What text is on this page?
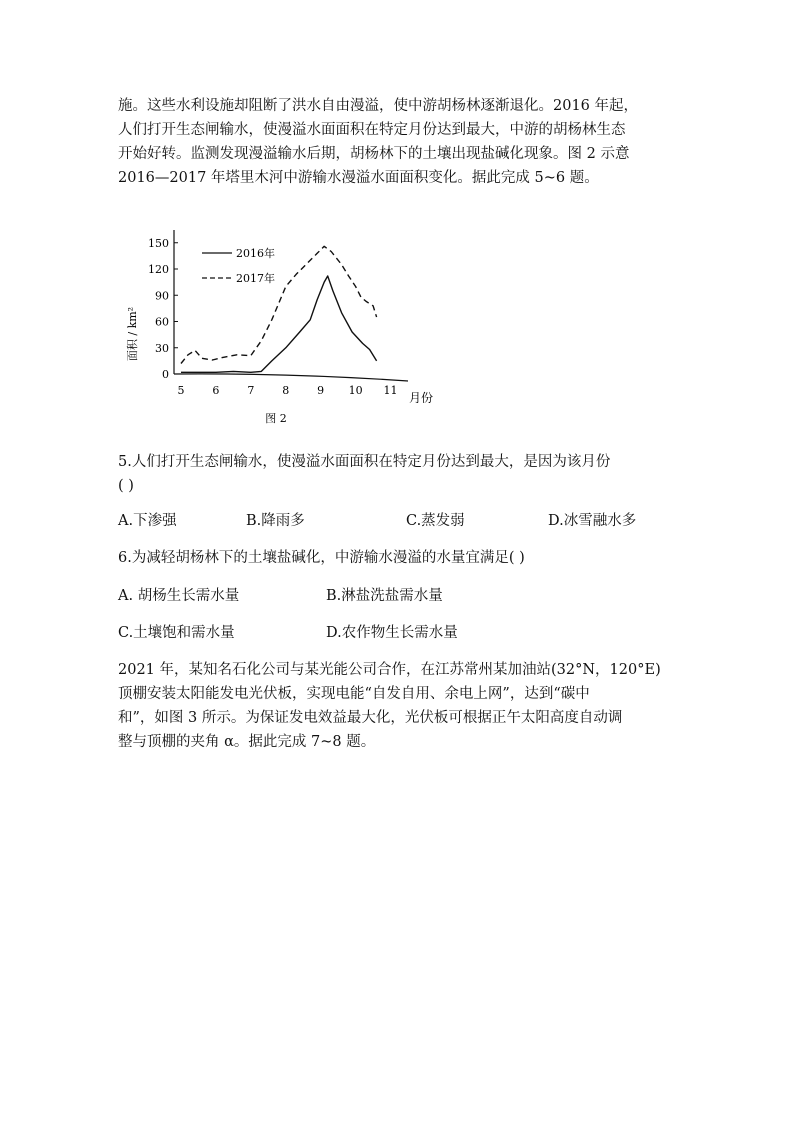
施。这些水利设施却阻断了洪水自由漫溢，使中游胡杨林逐渐退化。2016 年起，
人们打开生态闸输水，使漫溢水面面积在特定月份达到最大，中游的胡杨林生态
开始好转。监测发现漫溢输水后期，胡杨林下的土壤出现盐碱化现象。图 2 示意
2016—2017 年塔里木河中游输水漫溢水面面积变化。据此完成 5~6 题。
0
30
60
90
120
150
5	6	7	8	9 10 11
2016年
2017年
面积 / km²
月份
图 2
5.人们打开生态闸输水，使漫溢水面面积在特定月份达到最大，是因为该月份
( )
A.下渗强	B.降雨多	C.蒸发弱	D.冰雪融水多
6.为减轻胡杨林下的土壤盐碱化，中游输水漫溢的水量宜满足( )
A. 胡杨生长需水量	B.淋盐洗盐需水量
C.土壤饱和需水量	D.农作物生长需水量
2021 年，某知名石化公司与某光能公司合作，在江苏常州某加油站(32°N，120°E)
顶棚安装太阳能发电光伏板，实现电能“自发自用、余电上网”，达到“碳中
和”，如图 3 所示。为保证发电效益最大化，光伏板可根据正午太阳高度自动调
整与顶棚的夹角 α。据此完成 7~8 题。
